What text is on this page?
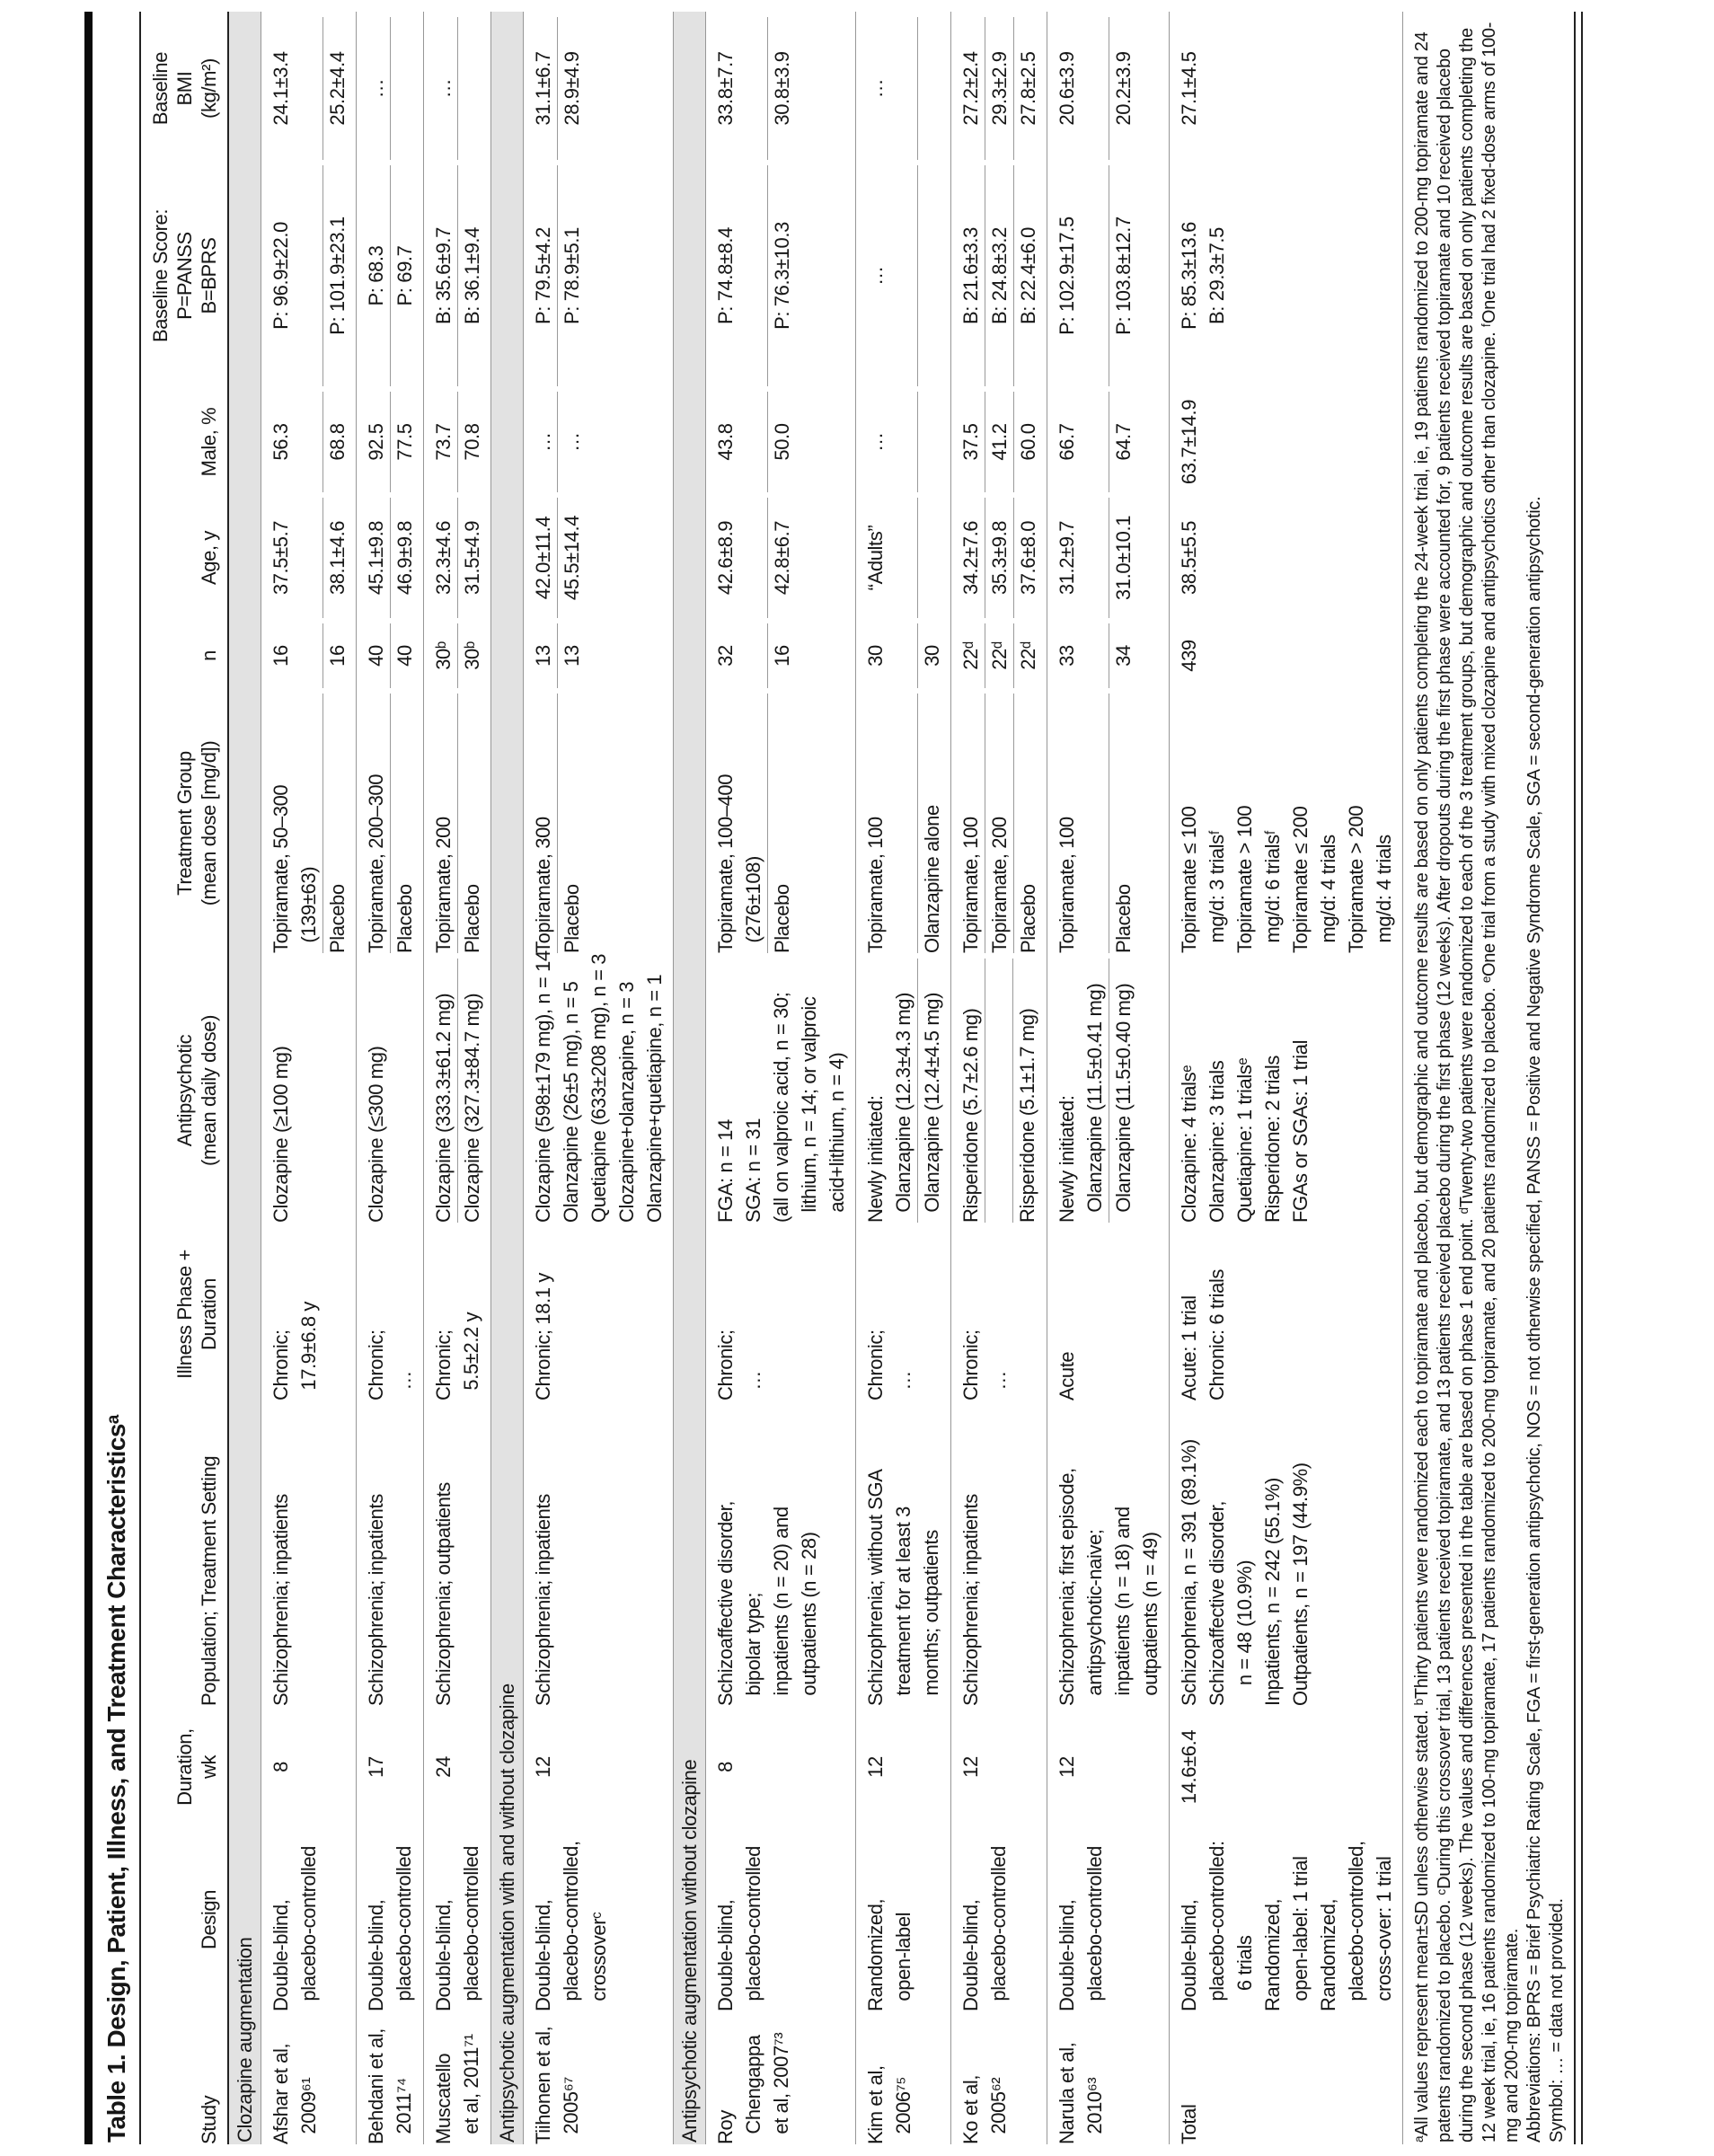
Table 1. Design, Patient, Illness, and Treatment Characteristicsᵃ	Study
Design
Duration, wk
Population; Treatment Setting
Illness Phase + Duration
Antipsychotic (mean daily dose)
Treatment Group (mean dose [mg/d])
n
Age, y
Male, %
Baseline Score: P=PANSS B=BPRS
Baseline BMI (kg/m²)
Clozapine augmentation Afshar et al, 2009⁶¹
Double-blind, placebo-controlled
8
Schizophrenia; inpatients
Chronic; 17.9±6.8 y
Clozapine (≥100 mg)
Topiramate, 50–300 (139±63) Placebo
16 16
37.5±5.7 38.1±4.6
56.3 68.8
P: 96.9±22.0 P: 101.9±23.1
24.1±3.4 25.2±4.4
Behdani et al, 2011⁷⁴
Double-blind, placebo-controlled
17
Schizophrenia; inpatients
Chronic; …
Clozapine (≤300 mg)
Topiramate, 200–300 Placebo
40 40
45.1±9.8 46.9±9.8
92.5 77.5
P: 68.3 P: 69.7
…
Muscatello et al, 2011⁷¹
Double-blind, placebo-controlled
24
Schizophrenia; outpatients
Chronic; 5.5±2.2 y
Clozapine (333.3±61.2 mg) Clozapine (327.3±84.7 mg)
Topiramate, 200 Placebo
30ᵇ 30ᵇ
32.3±4.6 31.5±4.9
73.7 70.8
B: 35.6±9.7 B: 36.1±9.4
…
Antipsychotic augmentation with and without clozapine Tiihonen et al, 2005⁶⁷
Double-blind, placebo-controlled, crossoverᶜ
12
Schizophrenia; inpatients
Chronic; 18.1 y
Clozapine (598±179 mg), n = 14 Olanzapine (26±5 mg), n = 5 Quetiapine (633±208 mg), n = 3 Clozapine+olanzapine, n = 3 Olanzapine+quetiapine, n = 1
Topiramate, 300 Placebo
13 13
42.0±11.4 45.5±14.4
… …
P: 79.5±4.2 P: 78.9±5.1
31.1±6.7 28.9±4.9
Antipsychotic augmentation without clozapine Roy Chengappa et al, 2007⁷³
Double-blind, placebo-controlled
8
Schizoaffective disorder, bipolar type; inpatients (n = 20) and outpatients (n = 28)
Chronic; …
FGA: n = 14 SGA: n = 31 (all on valproic acid, n = 30; lithium, n = 14; or valproic acid+lithium, n = 4)
Topiramate, 100–400 (276±108) Placebo
32 16
42.6±8.9 42.8±6.7
43.8 50.0
P: 74.8±8.4 P: 76.3±10.3
33.8±7.7 30.8±3.9
Kim et al, 2006⁷⁵
Randomized, open-label
12
Schizophrenia; without SGA treatment for at least 3 months; outpatients
Chronic; …
Newly initiated: Olanzapine (12.3±4.3 mg) Olanzapine (12.4±4.5 mg)
Topiramate, 100 Olanzapine alone
30 30
“Adults”
…
…
…
Ko et al, 2005⁶²
Double-blind, placebo-controlled
12
Schizophrenia; inpatients
Chronic; …
Risperidone (5.7±2.6 mg) Risperidone (5.1±1.7 mg)
Topiramate, 100 Topiramate, 200 Placebo
22ᵈ 22ᵈ 22ᵈ
34.2±7.6 35.3±9.8 37.6±8.0
37.5 41.2 60.0
B: 21.6±3.3 B: 24.8±3.2 B: 22.4±6.0
27.2±2.4 29.3±2.9 27.8±2.5
Narula et al, 2010⁶³
Double-blind, placebo-controlled
12
Schizophrenia; first episode, antipsychotic-naive; inpatients (n = 18) and outpatients (n = 49)
Acute
Newly initiated: Olanzapine (11.5±0.41 mg) Olanzapine (11.5±0.40 mg)
Topiramate, 100 Placebo
33 34
31.2±9.7 31.0±10.1
66.7 64.7
P: 102.9±17.5 P: 103.8±12.7
20.6±3.9 20.2±3.9
Total
Double-blind, placebo-controlled: 6 trials Randomized, open-label: 1 trial Randomized, placebo-controlled, cross-over: 1 trial
14.6±6.4
Schizophrenia, n = 391 (89.1%) Schizoaffective disorder, n = 48 (10.9%) Inpatients, n = 242 (55.1%) Outpatients, n = 197 (44.9%)
Acute: 1 trial Chronic: 6 trials
Clozapine: 4 trialsᵉ Olanzapine: 3 trials Quetiapine: 1 trialsᵉ Risperidone: 2 trials FGAs or SGAs: 1 trial
Topiramate ≤ 100 mg/d: 3 trialsᶠ Topiramate > 100 mg/d: 6 trialsᶠ Topiramate ≤ 200 mg/d: 4 trials Topiramate > 200 mg/d: 4 trials
439
38.5±5.5
63.7±14.9
P: 85.3±13.6 B: 29.3±7.5
27.1±4.5	ᵃAll values represent mean±SD unless otherwise stated. ᵇThirty patients were randomized each to topiramate and placebo, but demographic and outcome results are based on only patients completing the 24-week trial, ie, 19 patients randomized to 200-mg topiramate and 24 patents randomized to placebo. ᶜDuring this crossover trial, 13 patients received topiramate, and 13 patients received placebo during the first phase (12 weeks). After dropouts during the first phase were accounted for, 9 patients received topiramate and 10 received placebo during the second phase (12 weeks). The values and differences presented in the table are based on phase 1 end point. ᵈTwenty-two patients were randomized to each of the 3 treatment groups, but demographic and outcome results are based on only patients completing the 12 week trial, ie, 16 patients randomized to 100-mg topiramate, 17 patients randomized to 200-mg topiramate, and 20 patients randomized to placebo. ᵉOne trial from a study with mixed clozapine and antipsychotics other than clozapine. ᶠOne trial had 2 fixed-dose arms of 100-mg and 200-mg topiramate. Abbreviations: BPRS = Brief Psychiatric Rating Scale, FGA = first-generation antipsychotic, NOS = not otherwise specified, PANSS = Positive and Negative Syndrome Scale, SGA = second-generation antipsychotic. Symbol: … = data not provided.
